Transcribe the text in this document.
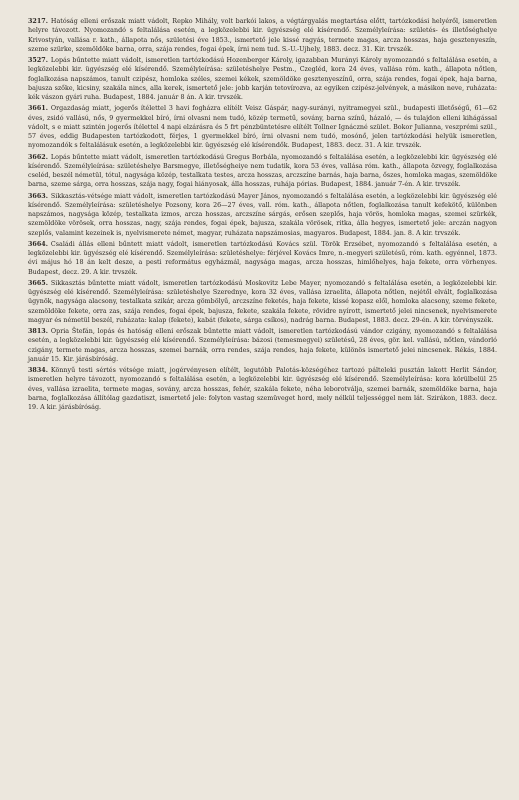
3217. Hatóság elleni erőszak miatt vádolt, Repko Mihály, volt barkói lakos, a végtárgyalás megtartása előtt, tartózkodási helyéről, ismeretlen helyre távozott. Nyomozandó s feltalálása esetén, a legközelebbi kir. ügyészség elé kísérendő. Személyleírása: születés- és illetőséghelye Krivostyán, vallása r. kath., állapota nős, születési éve 1853., ismertető jele kissé ragyás, termete magas, arcza hosszas, haja gesztenyeszín, szeme szürke, szemöldöke barna, orra, szája rendes, fogai épek, írni nem tud. S.-U.-Ujhely, 1883. decz. 31. Kir. trvszék.

3527. Lopás bűntette miatt vádolt, ismeretlen tartózkodású Hozenberger Károly, igazabban Murányi Károly nyomozandó s feltalálása esetén, a legközelebbi kir. ügyészség elé kísérendő. Személyleírása: születéshelye Pestm., Czegléd, kora 24 éves, vallása róm. kath., állapota nőtlen, foglalkozása napszámos, tanult czipész, homloka széles, szemei kékek, szemöldöke gesztenyeszínű, orra, szája rendes, fogai épek, haja barna, bajusza szőke, kicsiny, szakála nincs, alla kerek, ismertető jele: jobb karján tetovírozva, az egyiken czipész-jelvények, a másikon neve, ruházata: kék vászon gyári ruha. Budapest, 1884. január 8 án. A kir. trvszék.

3661. Orgazdaság miatt, jogerős ítélettel 3 havi fogházra elítélt Veisz Gáspár, nagy-surányi, nyitramegyei szül., budapesti illetőségű, 61—62 éves, zsidó vallású, nős, 9 gyermekkel bíró, írni olvasni nem tudó, közép termetű, sovány, barna színű, házaló, — és tulajdon elleni kihágással vádolt, s e miatt szintén jogerős ítélettel 4 napi elzárásra és 5 frt pénzbüntetésre elítélt Tollner Ignáczné szület. Bokor Julianna, veszprémi szül., 57 éves, eddig Budapesten tartózkodott, férjes, 1 gyermekkel bíró, írni olvasni nem tudó, mosónő, jelen tartózkodási helyük ismeretlen, nyomozandók s feltalálásuk esetén, a legközelebbi kir. ügyészség elé kísérendők. Budapest, 1883. decz. 31. A kir. trvszék.

3662. Lopás bűntette miatt vádolt, ismeretlen tartózkodású Gregus Borbála, nyomozandó s feltalálása esetén, a legközelebbi kir. ügyészség elé kísérendő. Személyleírása: születéshelye Barsmegye, illetőségheiye nem tudatik, kora 53 éves, vallása róm. kath., állapota özvegy, foglalkozása cseléd, beszél németül, tótul, nagysága közép, testalkata testes, arcza hosszas, arczszíne barnás, haja barna, őszes, homloka magas, szemöldöke barna, szeme sárga, orra hosszas, szája nagy, fogai hiányosak, álla hosszas, ruhája pórias. Budapest, 1884. január 7-én. A kir. trvszék.

3663. Sikkasztás-vétsége miatt vádolt, ismeretlen tartózkodású Mayer János, nyomozandó s feltalálása esetén, a legközelebbi kir. ügyészség elé kísérendő. Személyleírása: születéshelye Pozsony, kora 26—27 éves, vall. róm. kath., állapota nőtlen, foglalkozása tanult kefekötő, különben napszámos, nagysága közép, testalkata izmos, arcza hosszas, arczszíne sárgás, erősen szeplős, haja vörös, homloka magas, szemei szürkék, szemöldöke vörösek, orra hosszas, nagy, szája rendes, fogai épek, bajusza, szakála vörösek, ritka, álla hegyes, ismertető jele: arczán nagyon szeplős, valamint kezeinek is, nyelvismerete német, magyar, ruházata napszámosias, magyaros. Budapest, 1884. jan. 8. A kir. trvszék.

3664. Családi állás elleni bűntett miatt vádolt, ismeretlen tartózkodású Kovács szül. Török Erzsébet, nyomozandó s feltalálása esetén, a legközelebbi kir. ügyészség elé kísérendő. Személyleírása: születéshelye: férjével Kovács Imre, n.-megyeri születésű, róm. kath. egyénnel, 1873. évi május hó 18 án kelt desze, a pesti református egyházmál, nagysága magas, arcza hosszas, himlőhelyes, haja fekete, orra vörhenyes. Budapest, decz. 29. A kir. trvszék.

3665. Sikkasztás bűntette miatt vádolt, ismeretlen tartózkodású Moskovitz Lebe Mayer, nyomozandó s feltalálása esetén, a legközelebbi kir. ügyészség elé kísérendő. Személyleírása: születéshelye Szerednye, kora 32 éves, vallása izraelita, állapota nőtlen, nejétől elvált, foglalkozása ügynök, nagysága alacsony, testalkata szikár, arcza gömbölyű, arczszíne feketés, haja fekete, kissé kopasz elől, homloka alacsony, szeme fekete, szemöldöke fekete, orra zas, szája rendes, fogai épek, bajusza, fekete, szakála fekete, rövidre nyírott, ismertető jelei nincsenek, nyelvismerete magyar és németül beszél, ruházata: kalap (fekete), kabát (fekete, sárga csíkos), nadrág barna. Budapest, 1883. decz. 29-én. A kir. törvényszék.

3813. Opria Štefán, lopás és hatóság elleni erőszak bűntette miatt vádolt, ismeretlen tartózkodású vándor czigány, nyomozandó s feltalálása esetén, a legközelebbi kir. ügyészség elé kísérendő. Személyleírása: bázosi (temesmegyei) születésű, 28 éves, gör. kel. vallású, nőtlen, vándorló czigány, termete magas, arcza hosszas, szemei barnák, orra rendes, szája rendes, haja fekete, különös ismertető jelei nincsenek. Rékás, 1884. január 15. Kir. járásbíróság.

3834. Könnyű testi sértés vétsége miatt, jogérvényesen elítélt, legutóbb Palotás-községéhez tartozó pálteleki pusztán lakott Herlit Sándor, ismeretlen helyre távozott, nyomozandó s feltalálása esetén, a legközelebbi kir. ügyészség elé kísérendő. Személyleírása: kora körülbelül 25 éves, vallása izraelita, termete magas, sovány, arcza hosszas, fehér, szakála fekete, néha leborotválja, szemei barnák, szemöldöke barna, haja barna, foglalkozása állítólag gazdatiszt, ismertető jele: folyton vastag szemüveget hord, mely nélkül teljességgel nem lát. Szirákon, 1883. decz. 19. A kir. járásbíróság.
